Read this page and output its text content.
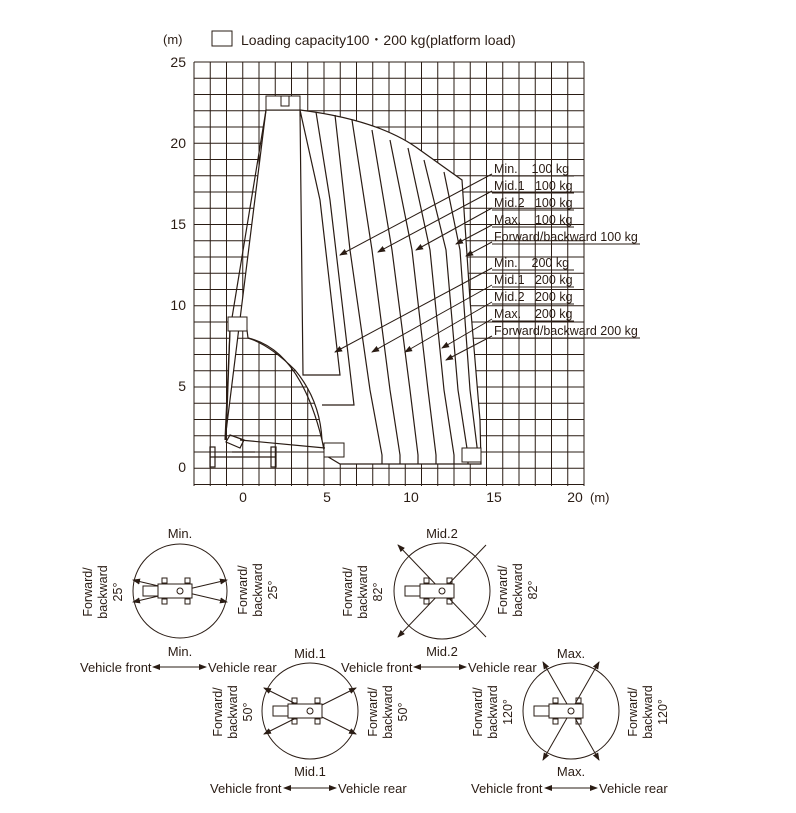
(m)	Loading capacity100・200 kg(platform load)
25
20
15
10
5
0
0	5	10	15	20 (m)
Min.    100 kg
Mid.1   100 kg
Mid.2   100 kg
Max.    100 kg
Forward/backward 100 kg
Min.    200 kg
Mid.1   200 kg
Mid.2   200 kg
Max.    200 kg
Forward/backward 200 kg
Min.
Min.
Vehicle front	Vehicle rear
Forward/ backward 25°	Forward/ backward 25°
Mid.2
Mid.2
Vehicle front	Vehicle rear
Forward/ backward 82°	Forward/ backward 82°
Mid.1
Mid.1
Vehicle front	Vehicle rear
Forward/ backward 50°	Forward/ backward 50°
Max.
Max.
Vehicle front	Vehicle rear
Forward/ backward 120°	Forward/ backward 120°
